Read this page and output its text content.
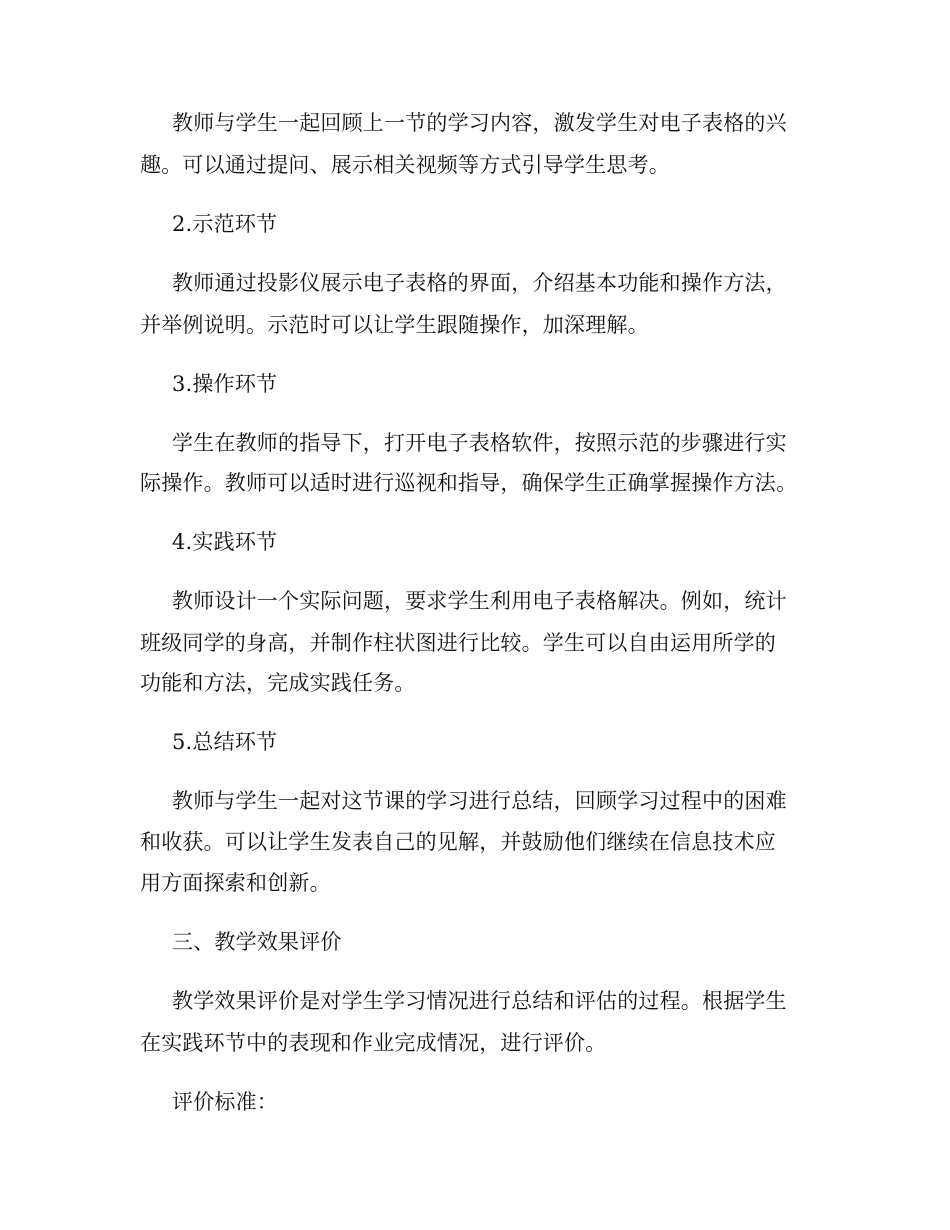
教师与学生一起回顾上一节的学习内容，激发学生对电子表格的兴
趣。可以通过提问、展示相关视频等方式引导学生思考。
2.示范环节
教师通过投影仪展示电子表格的界面，介绍基本功能和操作方法，
并举例说明。示范时可以让学生跟随操作，加深理解。
3.操作环节
学生在教师的指导下，打开电子表格软件，按照示范的步骤进行实
际操作。教师可以适时进行巡视和指导，确保学生正确掌握操作方法。
4.实践环节
教师设计一个实际问题，要求学生利用电子表格解决。例如，统计
班级同学的身高，并制作柱状图进行比较。学生可以自由运用所学的
功能和方法，完成实践任务。
5.总结环节
教师与学生一起对这节课的学习进行总结，回顾学习过程中的困难
和收获。可以让学生发表自己的见解，并鼓励他们继续在信息技术应
用方面探索和创新。
三、教学效果评价
教学效果评价是对学生学习情况进行总结和评估的过程。根据学生
在实践环节中的表现和作业完成情况，进行评价。
评价标准：
